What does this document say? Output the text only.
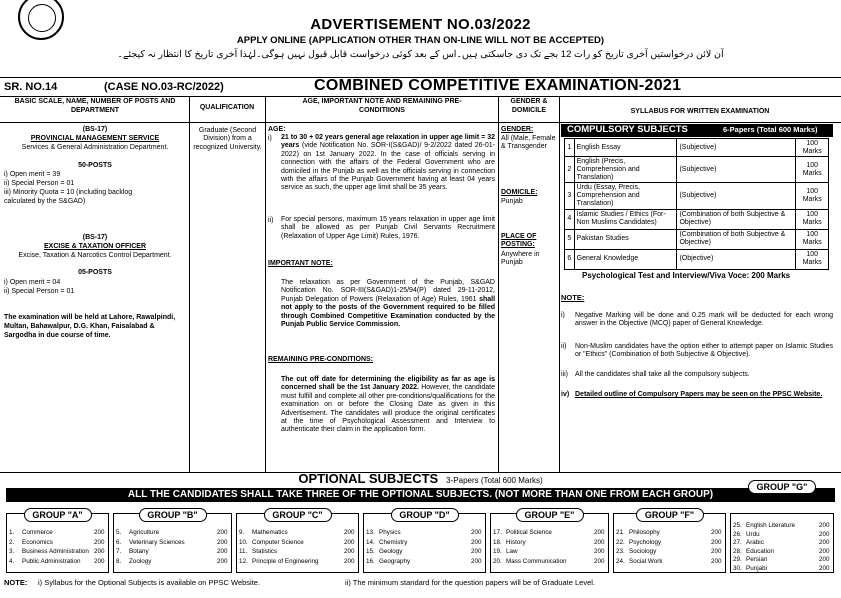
ADVERTISEMENT NO.03/2022
APPLY ONLINE (APPLICATION OTHER THAN ON-LINE WILL NOT BE ACCEPTED)
آن لائن درخواستیں آخری تاریخ کو رات 12 بجے تک دی جاسکتی ہیں۔اس کے بعد کوئی درخواست قابل قبول نہیں ہوگی۔لہٰذا آخری تاریخ کا انتظار نہ کیجئے۔
SR. NO.14	(CASE NO.03-RC/2022)	COMBINED COMPETITIVE EXAMINATION-2021
BASIC SCALE, NAME, NUMBER OF POSTS AND DEPARTMENT	QUALIFICATION
AGE, IMPORTANT NOTE AND REMAINING PRE-CONDITIIONS
GENDER & DOMICILE	SYLLABUS FOR WRITTEN EXAMINATION
(BS-17)
PROVINCIAL MANAGEMENT SERVICE
Services & General Administration Department.
50-POSTS
i) Open merit = 39
ii) Special Person = 01
iii) Minority Quota = 10 (including backlog
calculated by the S&GAD)
(BS-17)
EXCISE & TAXATION OFFICER
Excise, Taxation & Narcotics Control Department.
05-POSTS
i) Open merit = 04
ii) Special Person = 01
The examination will be held at Lahore, Rawalpindi, Multan, Bahawalpur, D.G. Khan, Faisalabad & Sargodha in due course of time.
Graduate (Second Division) from a recognized University.
AGE:
i) 21 to 30 + 02 years general age relaxation in upper age limit = 32 years (vide Notification No. SOR-I(S&GAD)/ 9-2/2022 dated 26-01-2022) on 1st January 2022. In the case of officials serving in connection with the affairs of the Federal Government who are domiciled in the Punjab as well as the officials serving in connection with the affairs of the Punjab Government having at least 04 years service as such, the upper age limit shall be 35 years.
ii) For special persons, maximum 15 years relaxation in upper age limit shall be allowed as per Punjab Civil Servants Recruitment (Relaxation of Upper Age Limit) Rules, 1976.
IMPORTANT NOTE:
The relaxation as per Government of the Punjab, S&GAD Notification No. SOR-III(S&GAD)1-25/94(P) dated 29-11-2012, Punjab Delegation of Powers (Relaxation of Age) Rules, 1961 shall not apply to the posts of the Government required to be filled through Combined Competitive Examination conducted by the Punjab Public Service Commission.
REMAINING PRE-CONDITIONS:
The cut off date for determining the eligibility as far as age is concerned shall be the 1st January 2022. However, the candidate must fulfill and complete all other pre-conditions/qualifications for the examination on or before the Closing Date as given in this Advertisement. The candidates will produce the original certificates at the time of Psychological Assessment and Interview to authenticate their claim in the application form.
GENDER:
All (Male, Female & Transgender
DOMICILE:
Punjab
PLACE OF POSTING:
Anywhere in Punjab
COMPULSORY SUBJECTS	6-Papers (Total 600 Marks)
1	English Essay	(Subjective)	100 Marks
2	English (Precis, Comprehension and Translation)	(Subjective)	100 Marks
3	Urdu (Essay, Precis, Comprehension and Translation)	(Subjective)	100 Marks
4	Islamic Studies / Ethics (For-Non Muslims Candidates)	(Combination of both Subjective & Objective)	100 Marks
5	Pakistan Studies	(Combination of both Subjective & Objective)	100 Marks
6	General Knowledge	(Objective)	100 Marks
Psychological Test and Interview/Viva Voce: 200 Marks
NOTE:
i) Negative Marking will be done and 0.25 mark will be deducted for each wrong answer in the Objective (MCQ) paper of General Knowledge.
ii) Non-Muslim candidates have the option either to attempt paper on Islamic Studies or "Ethics" (Combination of both Subjective & Objective).
iii) All the candidates shall take all the compulsory subjects.
iv) Detailed outline of Compulsory Papers may be seen on the PPSC Website.
OPTIONAL SUBJECTS 3-Papers (Total 600 Marks)
ALL THE CANDIDATES SHALL TAKE THREE OF THE OPTIONAL SUBJECTS. (NOT MORE THAN ONE FROM EACH GROUP)
GROUP "A"
1. Commerce	200
2. Economics	200
3. Business Administration 200
4. Public Administration 200
GROUP "B"
5. Agriculture	200
6. Veterinary Sciences	200
7. Botany	200
8. Zoology	200
GROUP "C"
9. Mathematics	200
10. Computer Science	200
11. Statistics	200
12. Principle of Engineering	200
GROUP "D"
13. Physics	200
14. Chemistry	200
15. Geology	200
16. Geography	200
GROUP "E"
17. Political Science	200
18. History	200
19. Law	200
20. Mass Communication	200
GROUP "F"
21. Philosophy	200
22. Psychology	200
23. Sociology	200
24. Social Work	200
GROUP "G"
25. English Literature	200
26. Urdu	200
27. Arabic	200
28. Education	200
29. Persian	200
30. Punjabi	200
NOTE: i) Syllabus for the Optional Subjects is available on PPSC Website.	ii) The minimum standard for the question papers will be of Graduate Level.
